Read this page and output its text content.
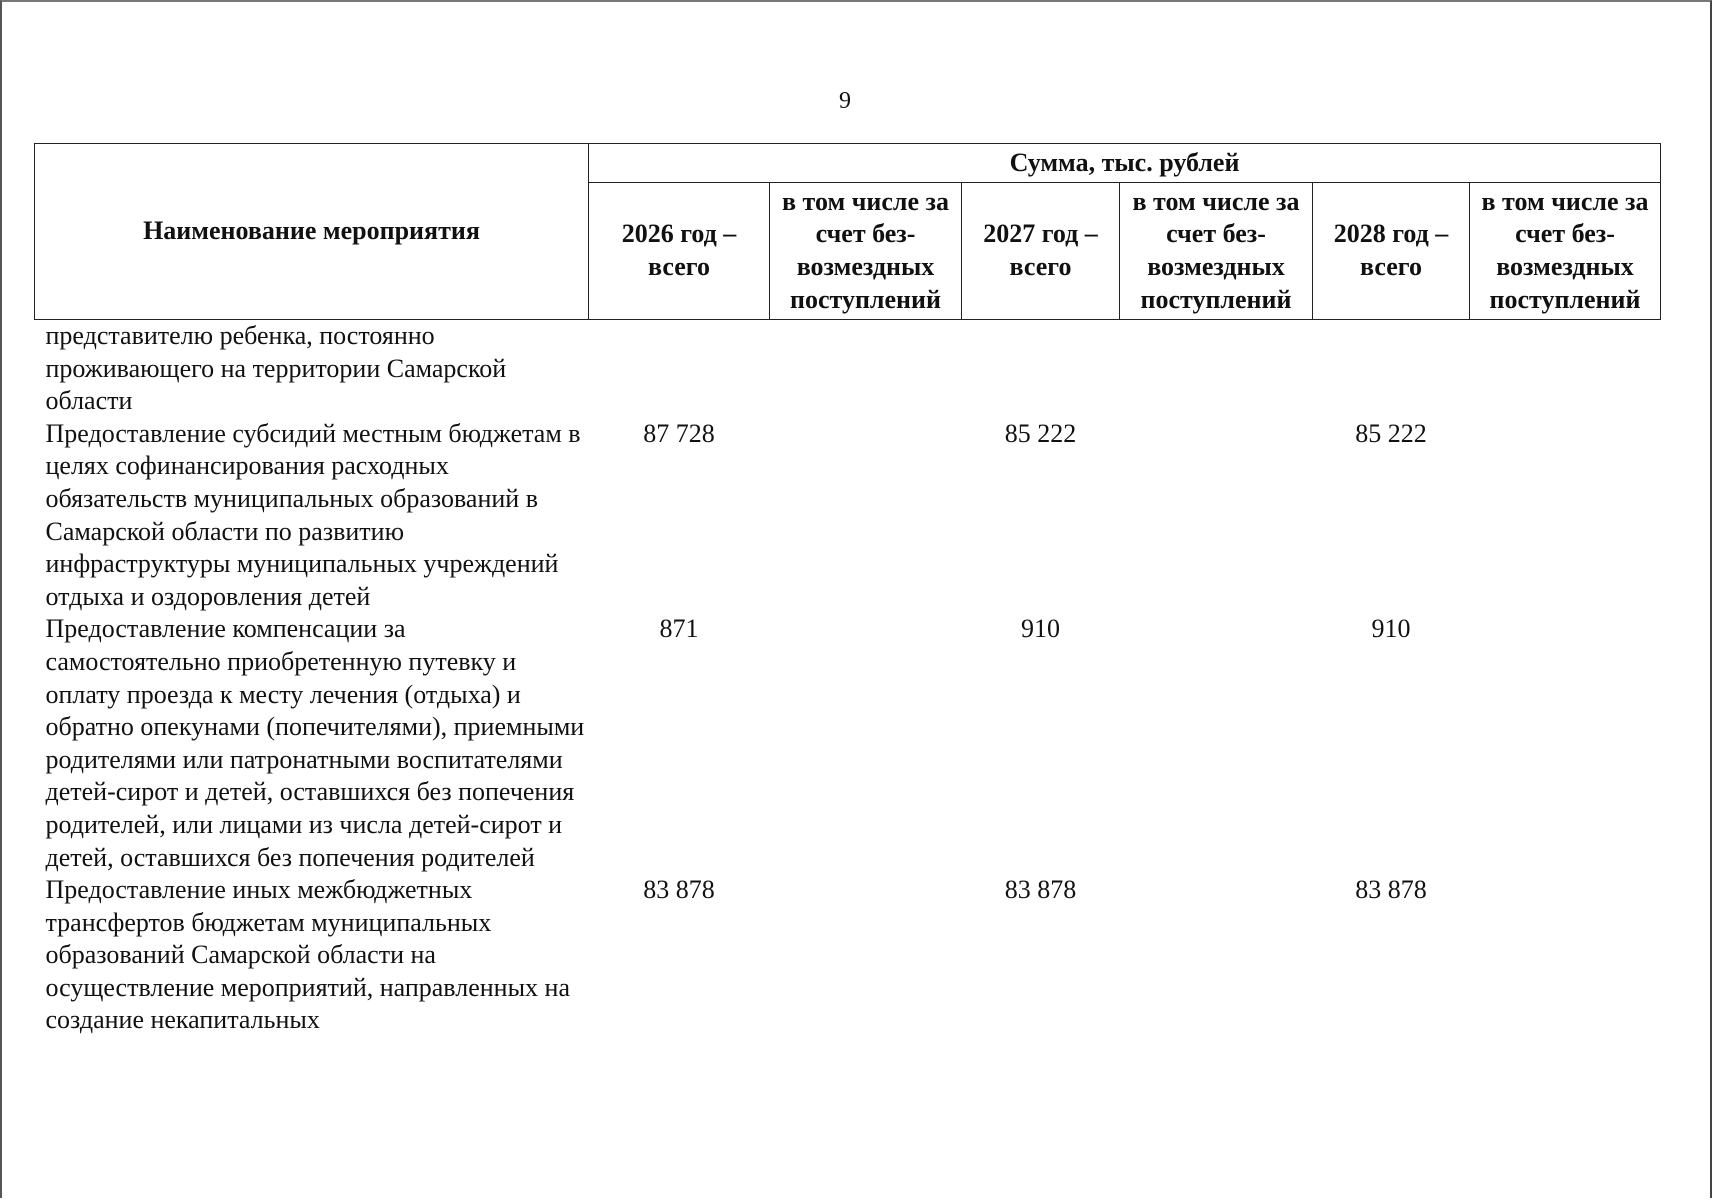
9
Наименование мероприятия	Сумма, тыс. рублей					
	2026 год – всего	в том числе за счет без-возмездных поступлений	2027 год – всего	в том числе за счет без-возмездных поступлений	2028 год – всего	в том числе за счет без-возмездных поступлений
представителю ребенка, постоянно проживающего на территории Самарской области						
Предоставление субсидий местным бюджетам в целях софинансирования расходных обязательств муниципальных образований в Самарской области по развитию инфраструктуры муниципальных учреждений отдыха и оздоровления детей	87 728		85 222		85 222	
Предоставление компенсации за самостоятельно приобретенную путевку и оплату проезда к месту лечения (отдыха) и обратно опекунами (попечителями), приемными родителями или патронатными воспитателями детей-сирот и детей, оставшихся без попечения родителей, или лицами из числа детей-сирот и детей, оставшихся без попечения родителей	871		910		910	
Предоставление иных межбюджетных трансфертов бюджетам муниципальных образований Самарской области на осуществление мероприятий, направленных на создание некапитальных	83 878		83 878		83 878	
